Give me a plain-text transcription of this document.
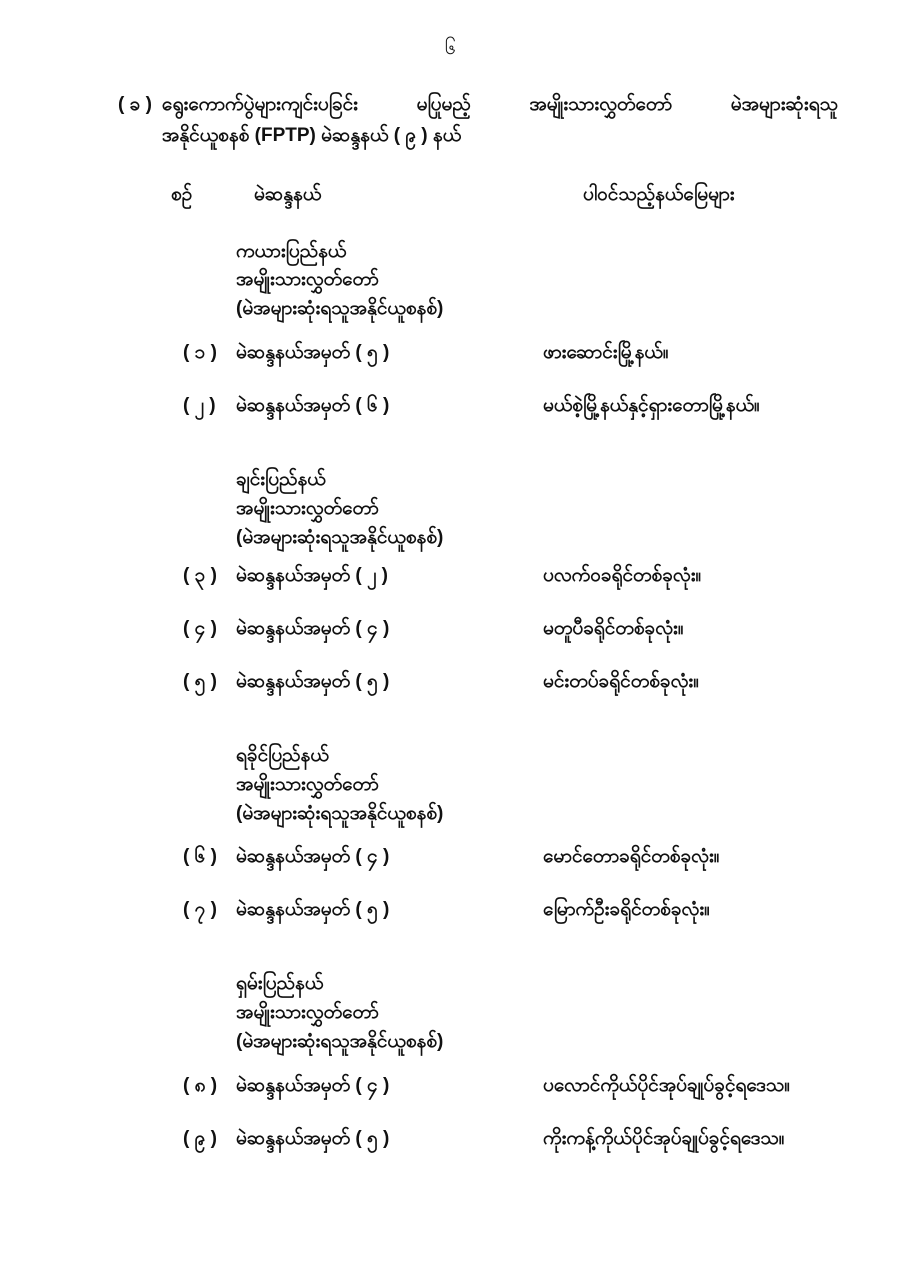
၆
( ခ ) ရွေးကောက်ပွဲများကျင်းပခြင်း မပြုမည့် အမျိုးသားလွှတ်တော် မဲအများဆုံးရသူ
အနိုင်ယူစနစ် (FPTP) မဲဆန္ဒနယ် ( ၉ ) နယ်
စဉ်	မဲဆန္ဒနယ်	ပါဝင်သည့်နယ်မြေများ
ကယားပြည်နယ်
အမျိုးသားလွှတ်တော်
(မဲအများဆုံးရသူအနိုင်ယူစနစ်)
( ၁ ) မဲဆန္ဒနယ်အမှတ် ( ၅ )	ဖားဆောင်းမြို့နယ်။
( ၂ ) မဲဆန္ဒနယ်အမှတ် ( ၆ )	မယ်စဲ့မြို့နယ်နှင့်ရှားတောမြို့နယ်။
ချင်းပြည်နယ်
အမျိုးသားလွှတ်တော်
(မဲအများဆုံးရသူအနိုင်ယူစနစ်)
( ၃ ) မဲဆန္ဒနယ်အမှတ် ( ၂ )	ပလက်ဝခရိုင်တစ်ခုလုံး။
( ၄ ) မဲဆန္ဒနယ်အမှတ် ( ၄ )	မတူပီခရိုင်တစ်ခုလုံး။
( ၅ ) မဲဆန္ဒနယ်အမှတ် ( ၅ )	မင်းတပ်ခရိုင်တစ်ခုလုံး။
ရခိုင်ပြည်နယ်
အမျိုးသားလွှတ်တော်
(မဲအများဆုံးရသူအနိုင်ယူစနစ်)
( ၆ ) မဲဆန္ဒနယ်အမှတ် ( ၄ )	မောင်တောခရိုင်တစ်ခုလုံး။
( ၇ ) မဲဆန္ဒနယ်အမှတ် ( ၅ )	မြောက်ဦးခရိုင်တစ်ခုလုံး။
ရှမ်းပြည်နယ်
အမျိုးသားလွှတ်တော်
(မဲအများဆုံးရသူအနိုင်ယူစနစ်)
( ၈ ) မဲဆန္ဒနယ်အမှတ် ( ၄ )	ပလောင်ကိုယ်ပိုင်အုပ်ချုပ်ခွင့်ရဒေသ။
( ၉ ) မဲဆန္ဒနယ်အမှတ် ( ၅ )	ကိုးကန့်ကိုယ်ပိုင်အုပ်ချုပ်ခွင့်ရဒေသ။
